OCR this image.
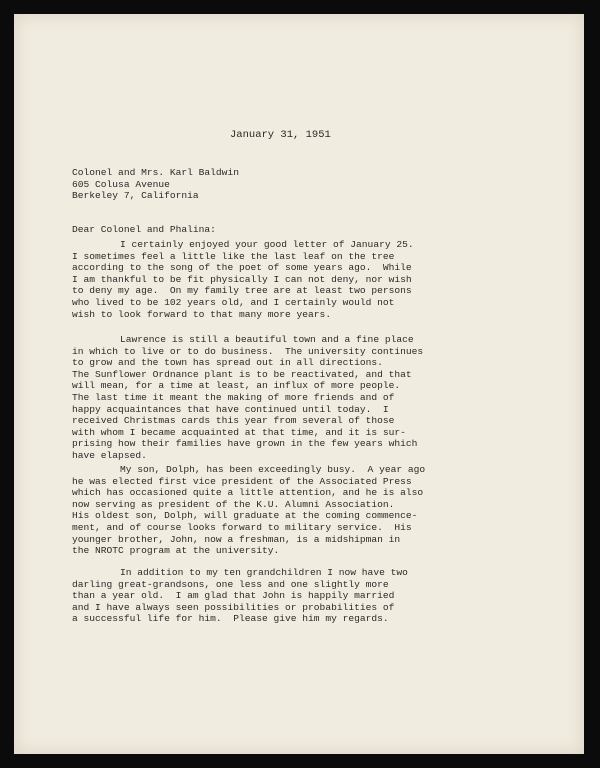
January 31, 1951
Colonel and Mrs. Karl Baldwin
605 Colusa Avenue
Berkeley 7, California
Dear Colonel and Phalina:
I certainly enjoyed your good letter of January 25.
I sometimes feel a little like the last leaf on the tree
according to the song of the poet of some years ago.  While
I am thankful to be fit physically I can not deny, nor wish
to deny my age.  On my family tree are at least two persons
who lived to be 102 years old, and I certainly would not
wish to look forward to that many more years.
Lawrence is still a beautiful town and a fine place
in which to live or to do business.  The university continues
to grow and the town has spread out in all directions.
The Sunflower Ordnance plant is to be reactivated, and that
will mean, for a time at least, an influx of more people.
The last time it meant the making of more friends and of
happy acquaintances that have continued until today.  I
received Christmas cards this year from several of those
with whom I became acquainted at that time, and it is sur-
prising how their families have grown in the few years which
have elapsed.
My son, Dolph, has been exceedingly busy.  A year ago
he was elected first vice president of the Associated Press
which has occasioned quite a little attention, and he is also
now serving as president of the K.U. Alumni Association.
His oldest son, Dolph, will graduate at the coming commence-
ment, and of course looks forward to military service.  His
younger brother, John, now a freshman, is a midshipman in
the NROTC program at the university.
In addition to my ten grandchildren I now have two
darling great-grandsons, one less and one slightly more
than a year old.  I am glad that John is happily married
and I have always seen possibilities or probabilities of
a successful life for him.  Please give him my regards.
